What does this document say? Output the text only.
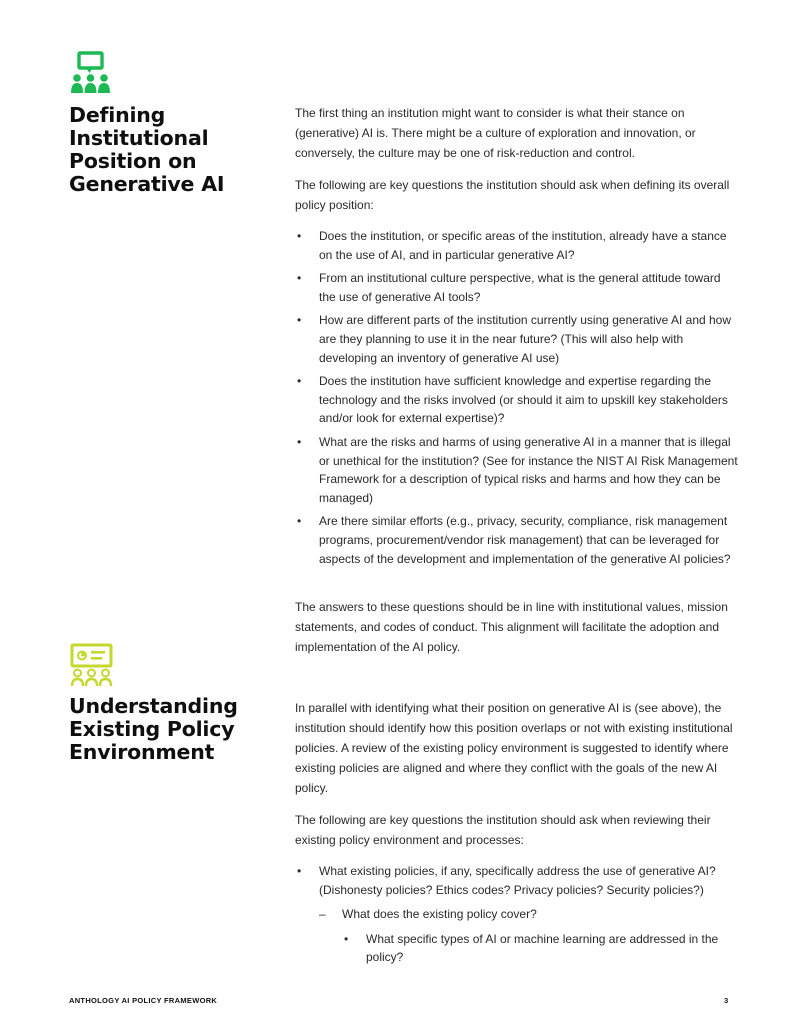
Defining Institutional Position on Generative AI

The first thing an institution might want to consider is what their stance on (generative) AI is. There might be a culture of exploration and innovation, or conversely, the culture may be one of risk-reduction and control.

The following are key questions the institution should ask when defining its overall policy position:

• Does the institution, or specific areas of the institution, already have a stance on the use of AI, and in particular generative AI?
• From an institutional culture perspective, what is the general attitude toward the use of generative AI tools?
• How are different parts of the institution currently using generative AI and how are they planning to use it in the near future? (This will also help with developing an inventory of generative AI use)
• Does the institution have sufficient knowledge and expertise regarding the technology and the risks involved (or should it aim to upskill key stakeholders and/or look for external expertise)?
• What are the risks and harms of using generative AI in a manner that is illegal or unethical for the institution? (See for instance the NIST AI Risk Management Framework for a description of typical risks and harms and how they can be managed)
• Are there similar efforts (e.g., privacy, security, compliance, risk management programs, procurement/vendor risk management) that can be leveraged for aspects of the development and implementation of the generative AI policies?

The answers to these questions should be in line with institutional values, mission statements, and codes of conduct. This alignment will facilitate the adoption and implementation of the AI policy.

Understanding Existing Policy Environment

In parallel with identifying what their position on generative AI is (see above), the institution should identify how this position overlaps or not with existing institutional policies. A review of the existing policy environment is suggested to identify where existing policies are aligned and where they conflict with the goals of the new AI policy.

The following are key questions the institution should ask when reviewing their existing policy environment and processes:

• What existing policies, if any, specifically address the use of generative AI? (Dishonesty policies? Ethics codes? Privacy policies? Security policies?)
– What does the existing policy cover?
• What specific types of AI or machine learning are addressed in the policy?
ANTHOLOGY AI POLICY FRAMEWORK	3
